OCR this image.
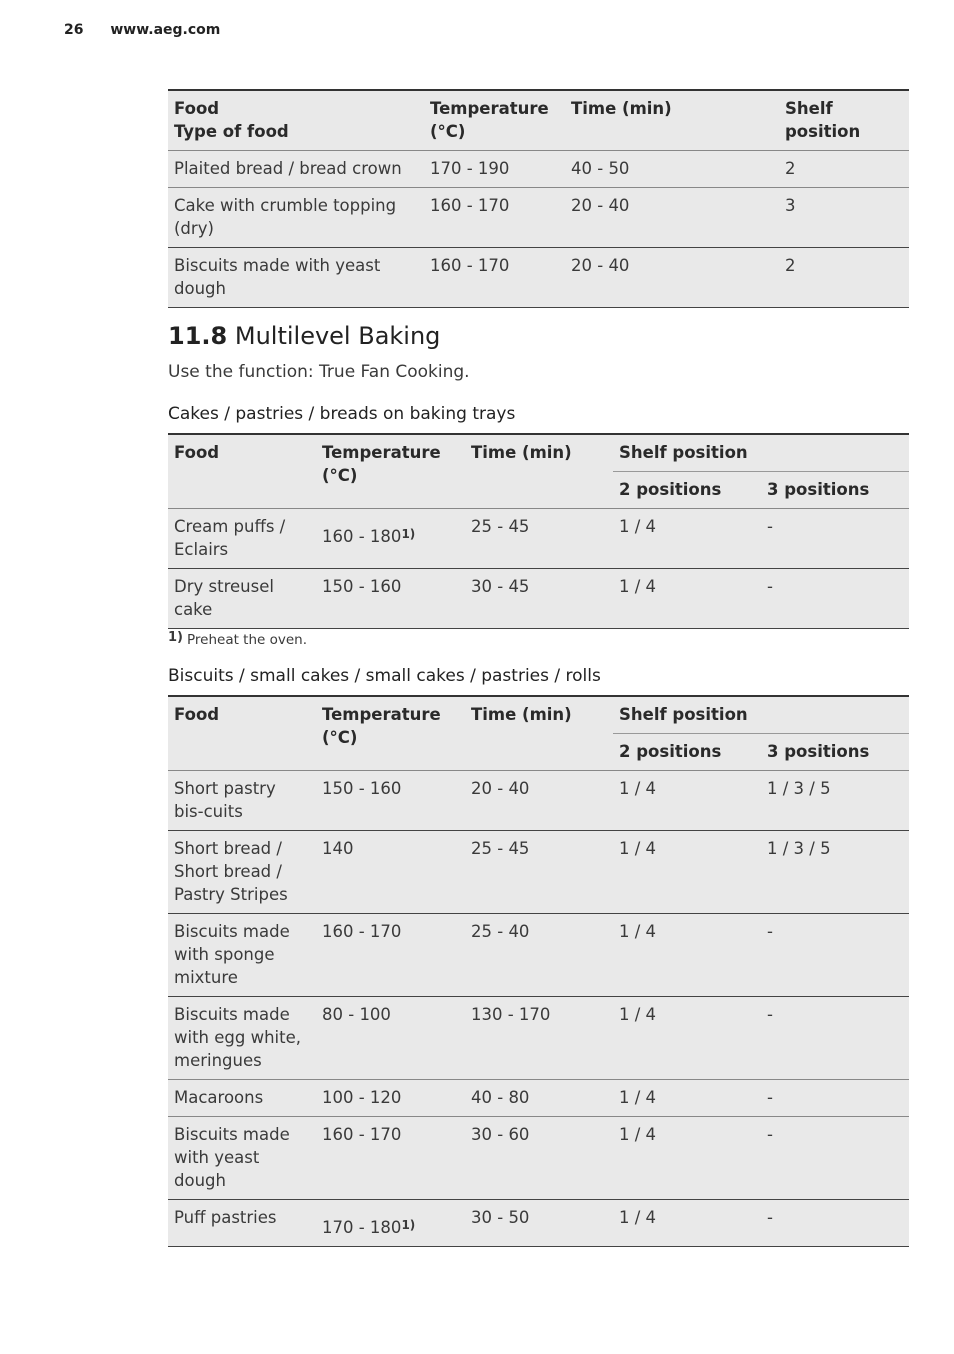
26 www.aeg.com
Food
Type of food	Temperature (°C)	Time (min)	Shelf position
Plaited bread / bread crown	170 - 190	40 - 50	2
Cake with crumble topping (dry)	160 - 170	20 - 40	3
Biscuits made with yeast dough	160 - 170	20 - 40	2
11.8 Multilevel Baking
Use the function: True Fan Cooking.
Cakes / pastries / breads on baking trays
Food	Temperature (°C)	Time (min)	Shelf position	
			2 positions	3 positions
Cream puffs / Eclairs	160 - 180$^{1)}$	25 - 45	1 / 4	-
Dry streusel cake	150 - 160	30 - 45	1 / 4	-
1) Preheat the oven.
Biscuits / small cakes / small cakes / pastries / rolls
Food	Temperature (°C)	Time (min)	Shelf position	
			2 positions	3 positions
Short pastry bis-cuits	150 - 160	20 - 40	1 / 4	1 / 3 / 5
Short bread / Short bread / Pastry Stripes	140	25 - 45	1 / 4	1 / 3 / 5
Biscuits made with sponge mixture	160 - 170	25 - 40	1 / 4	-
Biscuits made with egg white, meringues	80 - 100	130 - 170	1 / 4	-
Macaroons	100 - 120	40 - 80	1 / 4	-
Biscuits made with yeast dough	160 - 170	30 - 60	1 / 4	-
Puff pastries	170 - 180$^{1)}$	30 - 50	1 / 4	-
